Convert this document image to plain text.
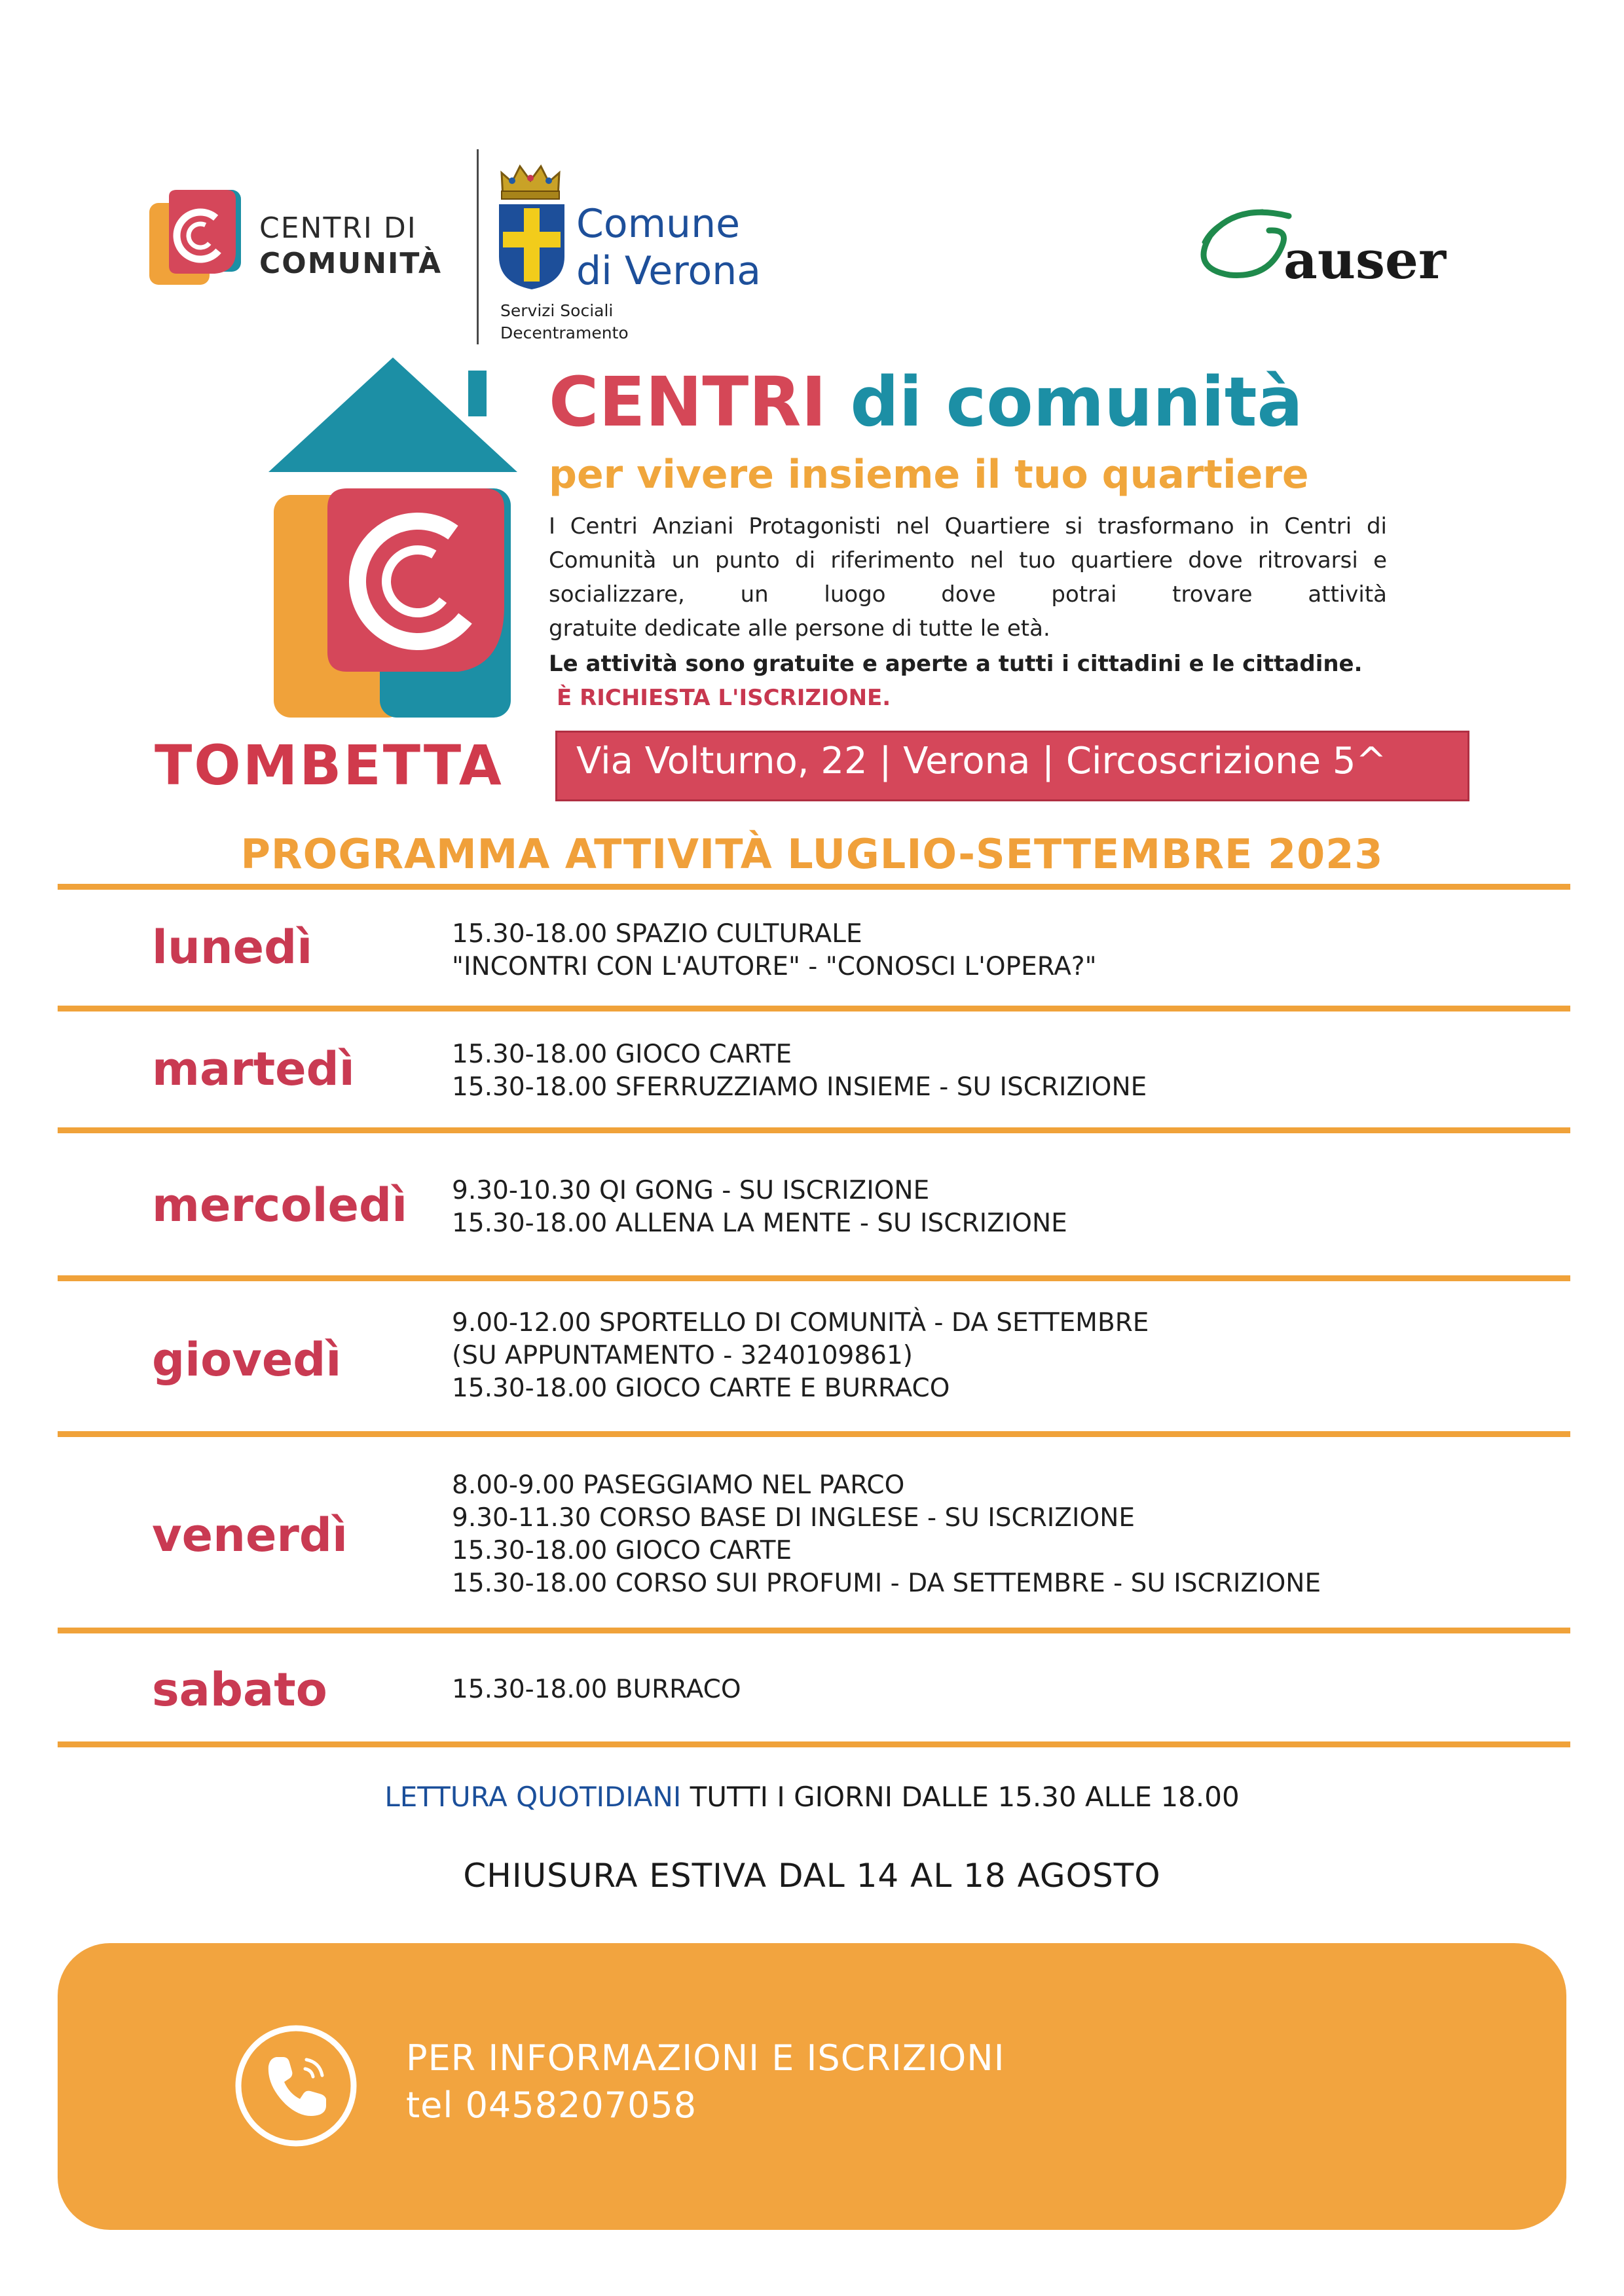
CENTRI DI
COMUNITÀ
Comune
di Verona
Servizi Sociali
Decentramento
auser
CENTRI di comunità
per vivere insieme il tuo quartiere
I Centri Anziani Protagonisti nel Quartiere si trasformano in Centri di Comunità un punto di riferimento nel tuo quartiere dove ritrovarsi e socializzare, un luogo dove potrai trovare attività
gratuite dedicate alle persone di tutte le età.
Le attività sono gratuite e aperte a tutti i cittadini e le cittadine.
È RICHIESTA L'ISCRIZIONE.
TOMBETTA Via Volturno, 22 | Verona | Circoscrizione 5^
PROGRAMMA ATTIVITÀ LUGLIO-SETTEMBRE 2023
lunedì	15.30-18.00 SPAZIO CULTURALE
"INCONTRI CON L'AUTORE" - "CONOSCI L'OPERA?"
martedì	15.30-18.00 GIOCO CARTE
15.30-18.00 SFERRUZZIAMO INSIEME - SU ISCRIZIONE
mercoledì 9.30-10.30 QI GONG - SU ISCRIZIONE
15.30-18.00 ALLENA LA MENTE - SU ISCRIZIONE
giovedì
9.00-12.00 SPORTELLO DI COMUNITÀ - DA SETTEMBRE
(SU APPUNTAMENTO - 3240109861)
15.30-18.00 GIOCO CARTE E BURRACO
venerdì
8.00-9.00 PASEGGIAMO NEL PARCO
9.30-11.30 CORSO BASE DI INGLESE - SU ISCRIZIONE
15.30-18.00 GIOCO CARTE
15.30-18.00 CORSO SUI PROFUMI - DA SETTEMBRE - SU ISCRIZIONE
sabato	15.30-18.00 BURRACO
LETTURA QUOTIDIANI TUTTI I GIORNI DALLE 15.30 ALLE 18.00
CHIUSURA ESTIVA DAL 14 AL 18 AGOSTO
PER INFORMAZIONI E ISCRIZIONI
tel 0458207058
